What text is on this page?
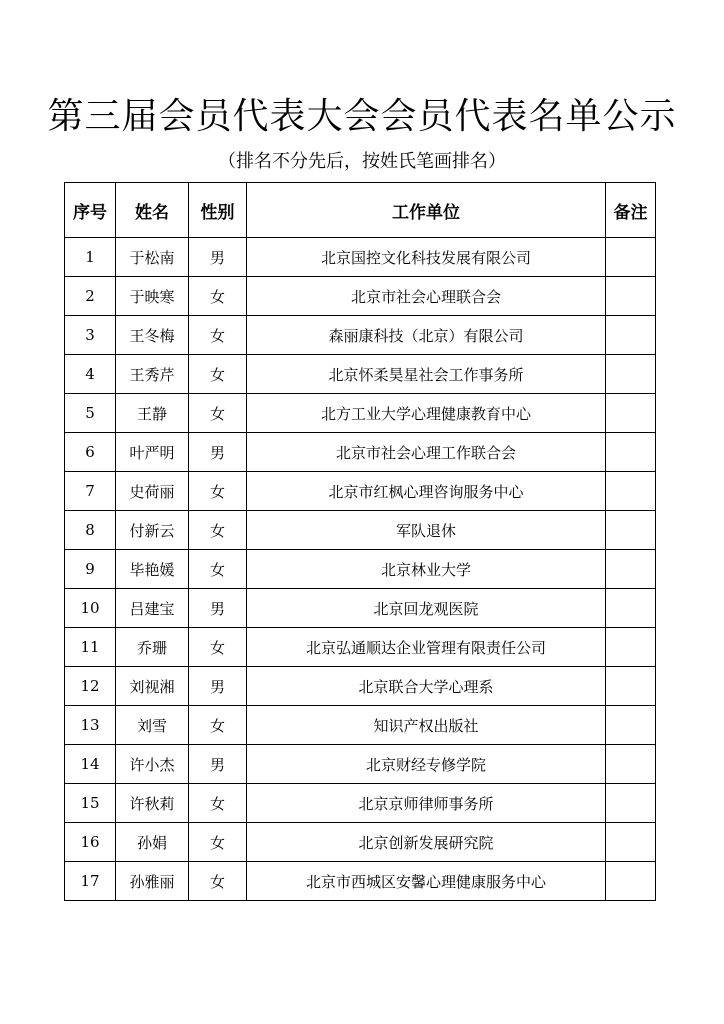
第三届会员代表大会会员代表名单公示
（排名不分先后，按姓氏笔画排名）
序号	姓名	性别	工作单位	备注
1	于松南	男	北京国控文化科技发展有限公司	
2	于映寒	女	北京市社会心理联合会	
3	王冬梅	女	森丽康科技（北京）有限公司	
4	王秀芹	女	北京怀柔昊星社会工作事务所	
5	王静	女	北方工业大学心理健康教育中心	
6	叶严明	男	北京市社会心理工作联合会	
7	史荷丽	女	北京市红枫心理咨询服务中心	
8	付新云	女	军队退休	
9	毕艳媛	女	北京林业大学	
10	吕建宝	男	北京回龙观医院	
11	乔珊	女	北京弘通顺达企业管理有限责任公司	
12	刘视湘	男	北京联合大学心理系	
13	刘雪	女	知识产权出版社	
14	许小杰	男	北京财经专修学院	
15	许秋莉	女	北京京师律师事务所	
16	孙娟	女	北京创新发展研究院	
17	孙雅丽	女	北京市西城区安馨心理健康服务中心	
